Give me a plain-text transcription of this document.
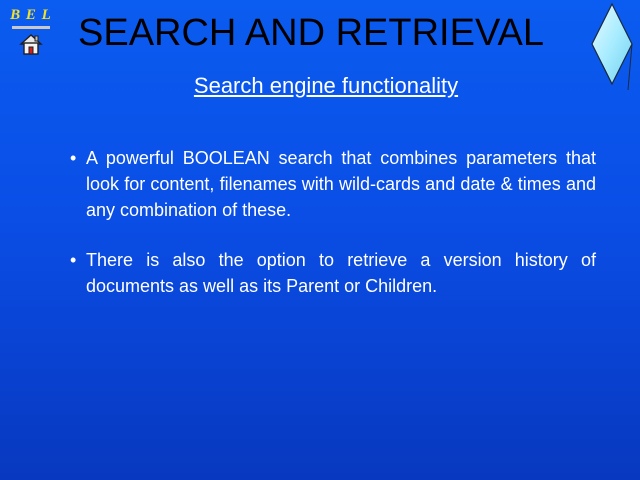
B E L SEARCH AND RETRIEVAL
Search engine functionality
• A powerful BOOLEAN search that combines parameters that look for content, filenames with wild-cards and date & times and any combination of these.
• There is also the option to retrieve a version history of documents as well as its Parent or Children.
